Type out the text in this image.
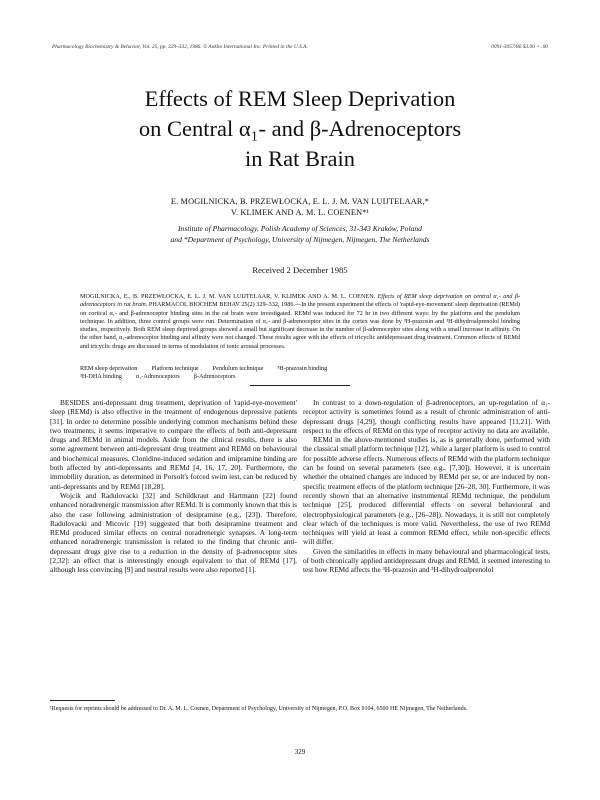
Pharmacology Biochemistry & Behavior, Vol. 25, pp. 329–332, 1986. © Ankho International Inc. Printed in the U.S.A.	0091-3057/86 $3.00 + .00
Effects of REM Sleep Deprivation
on Central α₁- and β-Adrenoceptors
in Rat Brain
E. MOGILNICKA, B. PRZEWŁOCKA, E. L. J. M. VAN LUIJTELAAR,*
V. KLIMEK AND A. M. L. COENEN*¹
Institute of Pharmacology, Polish Academy of Sciences, 31-343 Kraków, Poland
and *Department of Psychology, University of Nijmegen, Nijmegen, The Netherlands
Received 2 December 1985

MOGILNICKA, E., B. PRZEWŁOCKA, E. L. J. M. VAN LUIJTELAAR, V. KLIMEK AND A. M. L. COENEN. Effects of REM sleep deprivation on central α₁- and β-adrenoceptors in rat brain. PHARMACOL BIOCHEM BEHAV 25(2) 329–332, 1986.—In the present experiment the effects of 'rapid-eye-movement' sleep deprivation (REMd) on cortical α₁- and β-adrenoceptor binding sites in the rat brain were investigated. REMd was induced for 72 hr in two different ways: by the platform and the pendulum technique. In addition, three control groups were run. Determination of α₁- and β-adrenoceptor sites in the cortex was done by ³H-prazosin and ³H-dihydroalprenolol binding studies, respectively. Both REM sleep deprived groups showed a small but significant decrease in the number of β-adrenoceptor sites along with a small increase in affinity. On the other hand, α₁-adrenoceptor binding and affinity were not changed. These results agree with the effects of tricyclic antidepressant drug treatment. Common effects of REMd and tricyclic drugs are discussed in terms of modulation of tonic arousal processes.

REM sleep deprivation Platform technique Pendulum technique ³H-prazosin binding
³H-DHA binding α₁-Adrenoceptors β-Adrenoceptors

BESIDES anti-depressant drug treatment, deprivation of 'rapid-eye-movement' sleep (REMd) is also effective in the treatment of endogenous depressive patients [31]. In order to determine possible underlying common mechanisms behind these two treatments, it seems imperative to compare the effects of both anti-depressant drugs and REMd in animal models. Aside from the clinical results, there is also some agreement between anti-depressant drug treatment and REMd on behavioural and biochemical measures. Clonidine-induced sedation and imipramine binding are both affected by anti-depressants and REMd [4, 16, 17, 20]. Furthermore, the immobility duration, as determined in Porsolt's forced swim test, can be reduced by anti-depressants and by REMd [18,28].

Wojcik and Radulovacki [32] and Schildkraut and Hartmann [22] found enhanced noradrenergic transmission after REMd. It is commonly known that this is also the case following administration of desipramine (e.g., [23]). Therefore, Radulovacki and Micovic [19] suggested that both desipramine treatment and REMd produced similar effects on central noradrenergic synapses. A long-term enhanced noradrenergic transmission is related to the finding that chronic anti-depressant drugs give rise to a reduction in the density of β-adrenoceptor sites [2,32]: an effect that is interestingly enough equivalent to that of REMd [17], although less convincing [9] and neutral results were also reported [1].

In contrast to a down-regulation of β-adrenoceptors, an up-regulation of α₁-receptor activity is sometimes found as a result of chronic administration of anti-depressant drugs [4,29], though conflicting results have appeared [11,21]. With respect to the effects of REMd on this type of receptor activity no data are available.

REMd in the above-mentioned studies is, as is generally done, performed with the classical small platform technique [12], while a larger platform is used to control for possible adverse effects. Numerous effects of REMd with the platform technique can be found on several parameters (see e.g., [7,30]). However, it is uncertain whether the obtained changes are induced by REMd per se, or are induced by non-specific treatment effects of the platform technique [26–28, 30]. Furthermore, it was recently shown that an alternative instrumental REMd technique, the pendulum technique [25], produced differential effects on several behavioural and electrophysiological parameters (e.g., [26–28]). Nowadays, it is still not completely clear which of the techniques is more valid. Nevertheless, the use of two REMd techniques will yield at least a common REMd effect, while non-specific effects will differ.

Given the similarities in effects in many behavioural and pharmacological tests, of both chronically applied antidepressant drugs and REMd, it seemed interesting to test how REMd affects the ³H-prazosin and ³H-dihydroalprenolol

¹Requests for reprints should be addressed to Dr. A. M. L. Coenen, Department of Psychology, University of Nijmegen, P.O. Box 9104, 6500 HE Nijmegen, The Netherlands.
329
